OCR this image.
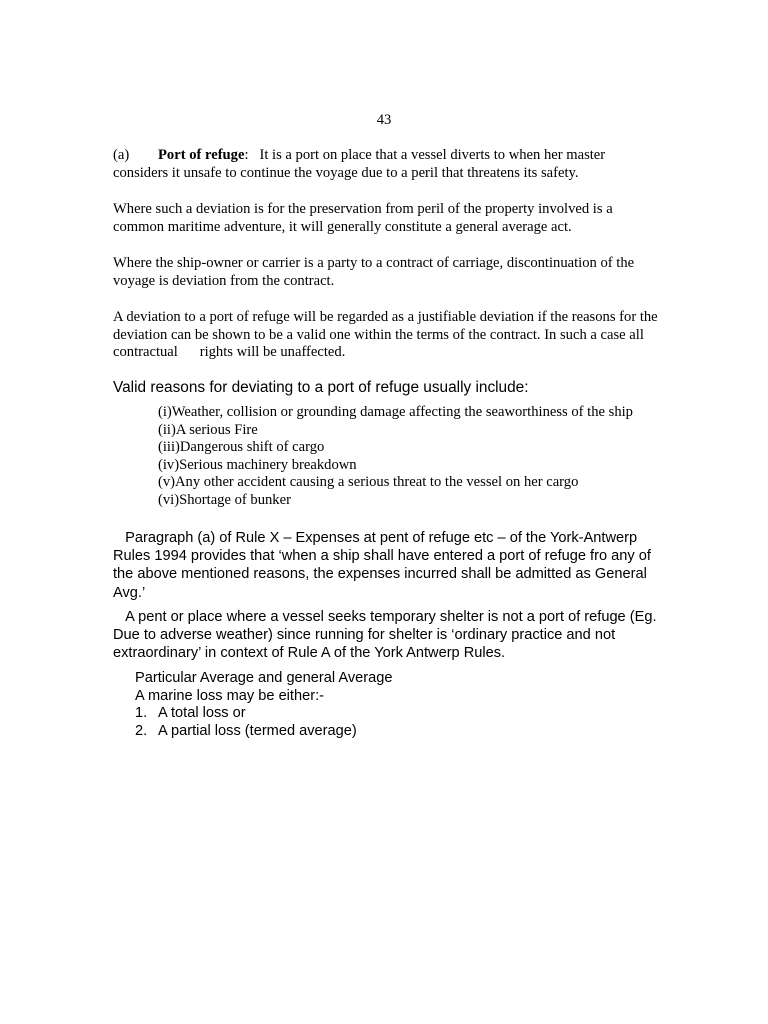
43

(a) Port of refuge:   It is a port on place that a vessel diverts to when her master considers it unsafe to continue the voyage due to a peril that threatens its safety.

Where such a deviation is for the preservation from peril of the property involved is a common maritime adventure, it will generally constitute a general average act.

Where the ship-owner or carrier is a party to a contract of carriage, discontinuation of the voyage is deviation from the contract.

A deviation to a port of refuge will be regarded as a justifiable deviation if the reasons for the deviation can be shown to be a valid one within the terms of the contract. In such a case all contractual      rights will be unaffected.

Valid reasons for deviating to a port of refuge usually include:

(i)Weather, collision or grounding damage affecting the seaworthiness of the ship
(ii)A serious Fire
(iii)Dangerous shift of cargo
(iv)Serious machinery breakdown
(v)Any other accident causing a serious threat to the vessel on her cargo
(vi)Shortage of bunker

Paragraph (a) of Rule X – Expenses at pent of refuge etc – of the York-Antwerp Rules 1994 provides that ‘when a ship shall have entered a port of refuge fro any of the above mentioned reasons, the expenses incurred shall be admitted as General Avg.’

A pent or place where a vessel seeks temporary shelter is not a port of refuge (Eg. Due to adverse weather) since running for shelter is ‘ordinary practice and not extraordinary’ in context of Rule A of the York Antwerp Rules.

Particular Average and general Average

A marine loss may be either:-

1. A total loss or
2. A partial loss (termed average)
